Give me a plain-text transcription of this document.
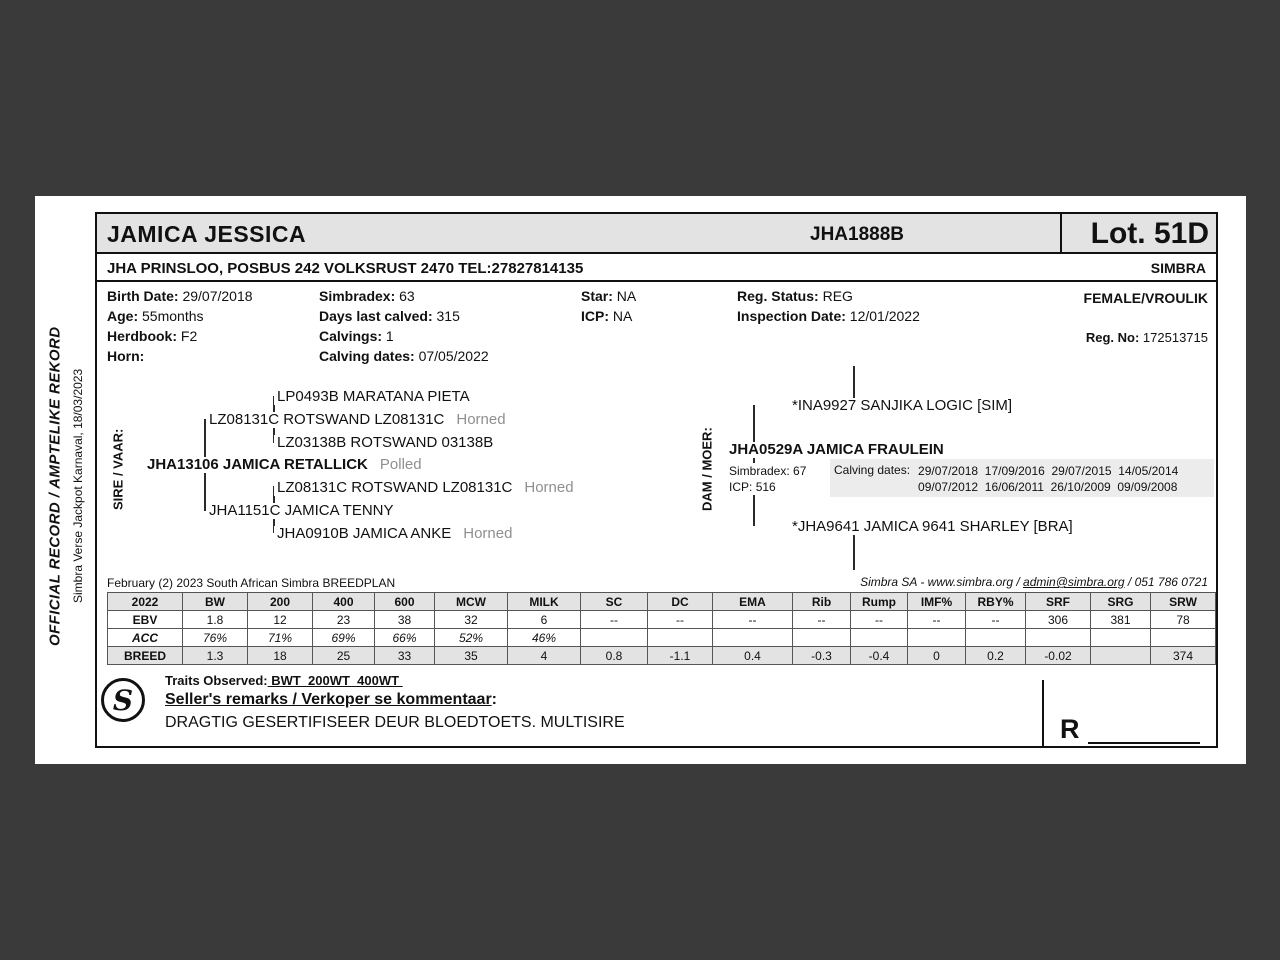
OFFICIAL RECORD / AMPTELIKE REKORD Simbra Verse Jackpot Karnaval, 18/03/2023
JAMICA JESSICA	JHA1888B	Lot. 51D
JHA PRINSLOO, POSBUS 242 VOLKSRUST 2470 TEL:27827814135	SIMBRA
Birth Date: 29/07/2018
Age: 55months
Herdbook: F2
Horn:
Simbradex: 63
Days last calved: 315
Calvings: 1
Calving dates: 07/05/2022
Star: NA
ICP: NA
Reg. Status: REG
Inspection Date: 12/01/2022
FEMALE/VROULIK
Reg. No: 172513715
SIRE / VAAR:	DAM / MOER:
LP0493B MARATANA PIETA
LZ08131C ROTSWAND LZ08131C Horned
LZ03138B ROTSWAND 03138B
JHA13106 JAMICA RETALLICK Polled
LZ08131C ROTSWAND LZ08131C Horned
JHA1151C JAMICA TENNY
JHA0910B JAMICA ANKE Horned
*INA9927 SANJIKA LOGIC [SIM]
JHA0529A JAMICA FRAULEIN
Simbradex: 67
ICP: 516
Calving dates: 29/07/2018  17/09/2016  29/07/2015  14/05/2014
09/07/2012  16/06/2011  26/10/2009  09/09/2008
*JHA9641 JAMICA 9641 SHARLEY [BRA]
February (2) 2023 South African Simbra BREEDPLAN	Simbra SA - www.simbra.org / admin@simbra.org / 051 786 0721
2022	BW	200	400	600	MCW	MILK	SC	DC	EMA	Rib	Rump	IMF%	RBY%	SRF	SRG	SRW
EBV	1.8	12	23	38	32	6	--	--	--	--	--	--	--	306	381	78
ACC	76%	71%	69%	66%	52%	46%										
BREED	1.3	18	25	33	35	4	0.8	-1.1	0.4	-0.3	-0.4	0	0.2	-0.02		374
S
Traits Observed: BWT  200WT  400WT
Seller's remarks / Verkoper se kommentaar:
DRAGTIG GESERTIFISEER DEUR BLOEDTOETS. MULTISIRE	R
